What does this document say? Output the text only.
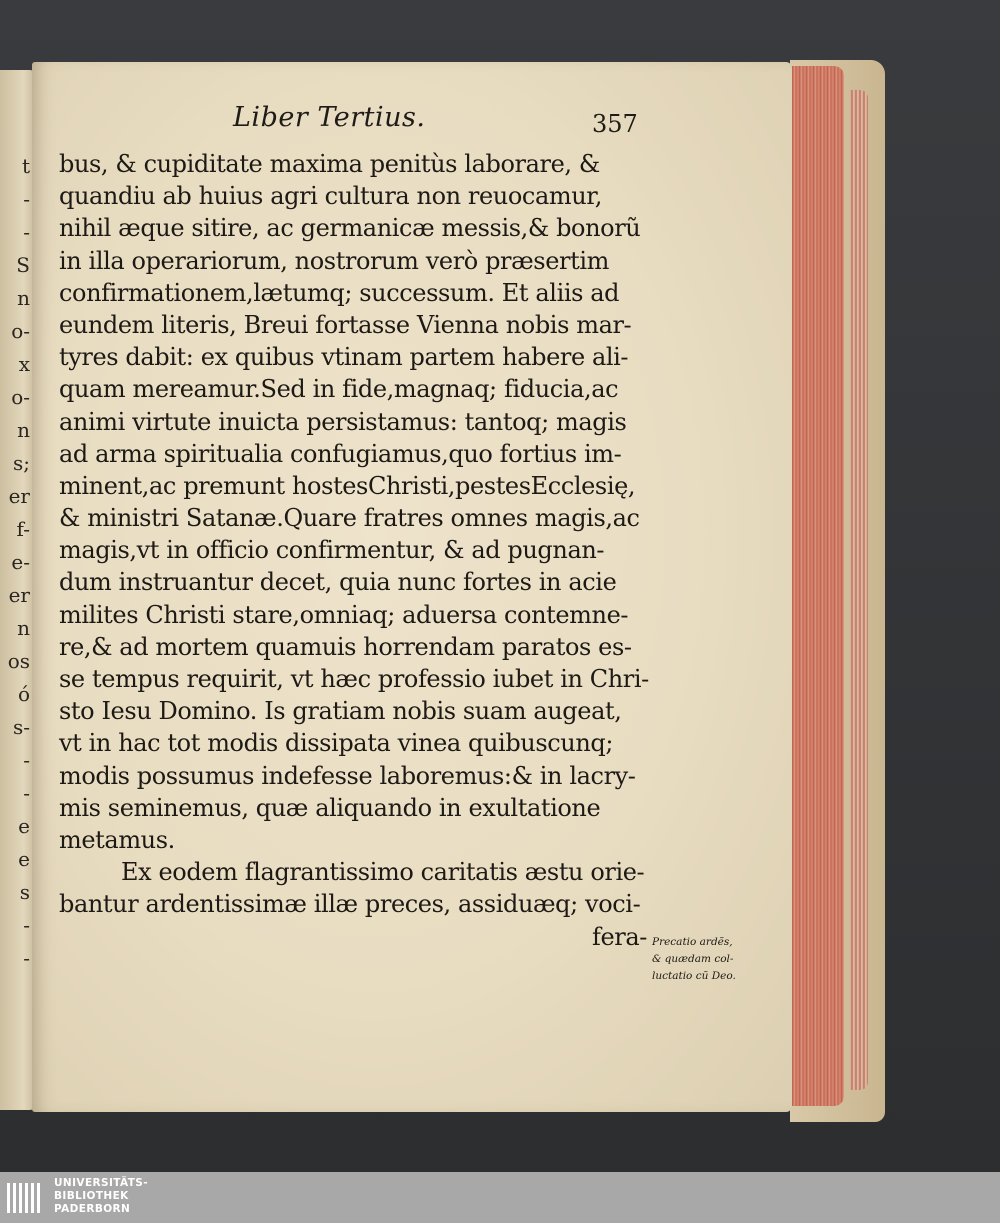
t
-
-
S
n
o-
x
o-
n
s;
er
f-
e-
er
n
os
ó
s-
-
-
e
e
s
-
-
Liber Tertius.	357
bus, & cupiditate maxima penitùs laborare, &
quandiu ab huius agri cultura non reuocamur,
nihil æque sitire, ac germanicæ messis,& bonorũ
in illa operariorum, nostrorum verò præsertim
confirmationem,lætumq; successum. Et aliis ad
eundem literis, Breui fortasse Vienna nobis mar-
tyres dabit: ex quibus vtinam partem habere ali-
quam mereamur.Sed in fide,magnaq; fiducia,ac
animi virtute inuicta persistamus: tantoq; magis
ad arma spiritualia confugiamus,quo fortius im-
minent,ac premunt hostesChristi,pestesEcclesię,
& ministri Satanæ.Quare fratres omnes magis,ac
magis,vt in officio confirmentur, & ad pugnan-
dum instruantur decet, quia nunc fortes in acie
milites Christi stare,omniaq; aduersa contemne-
re,& ad mortem quamuis horrendam paratos es-
se tempus requirit, vt hæc professio iubet in Chri-
sto Iesu Domino. Is gratiam nobis suam augeat,
vt in hac tot modis dissipata vinea quibuscunq;
modis possumus indefesse laboremus:& in lacry-
mis seminemus, quæ aliquando in exultatione
metamus.
Ex eodem flagrantissimo caritatis æstu orie-
bantur ardentissimæ illæ preces, assiduæq; voci-
fera- Precatio ardẽs,
& quædam col-
luctatio cũ Deo.
UNIVERSITÄTS-
BIBLIOTHEK
PADERBORN
